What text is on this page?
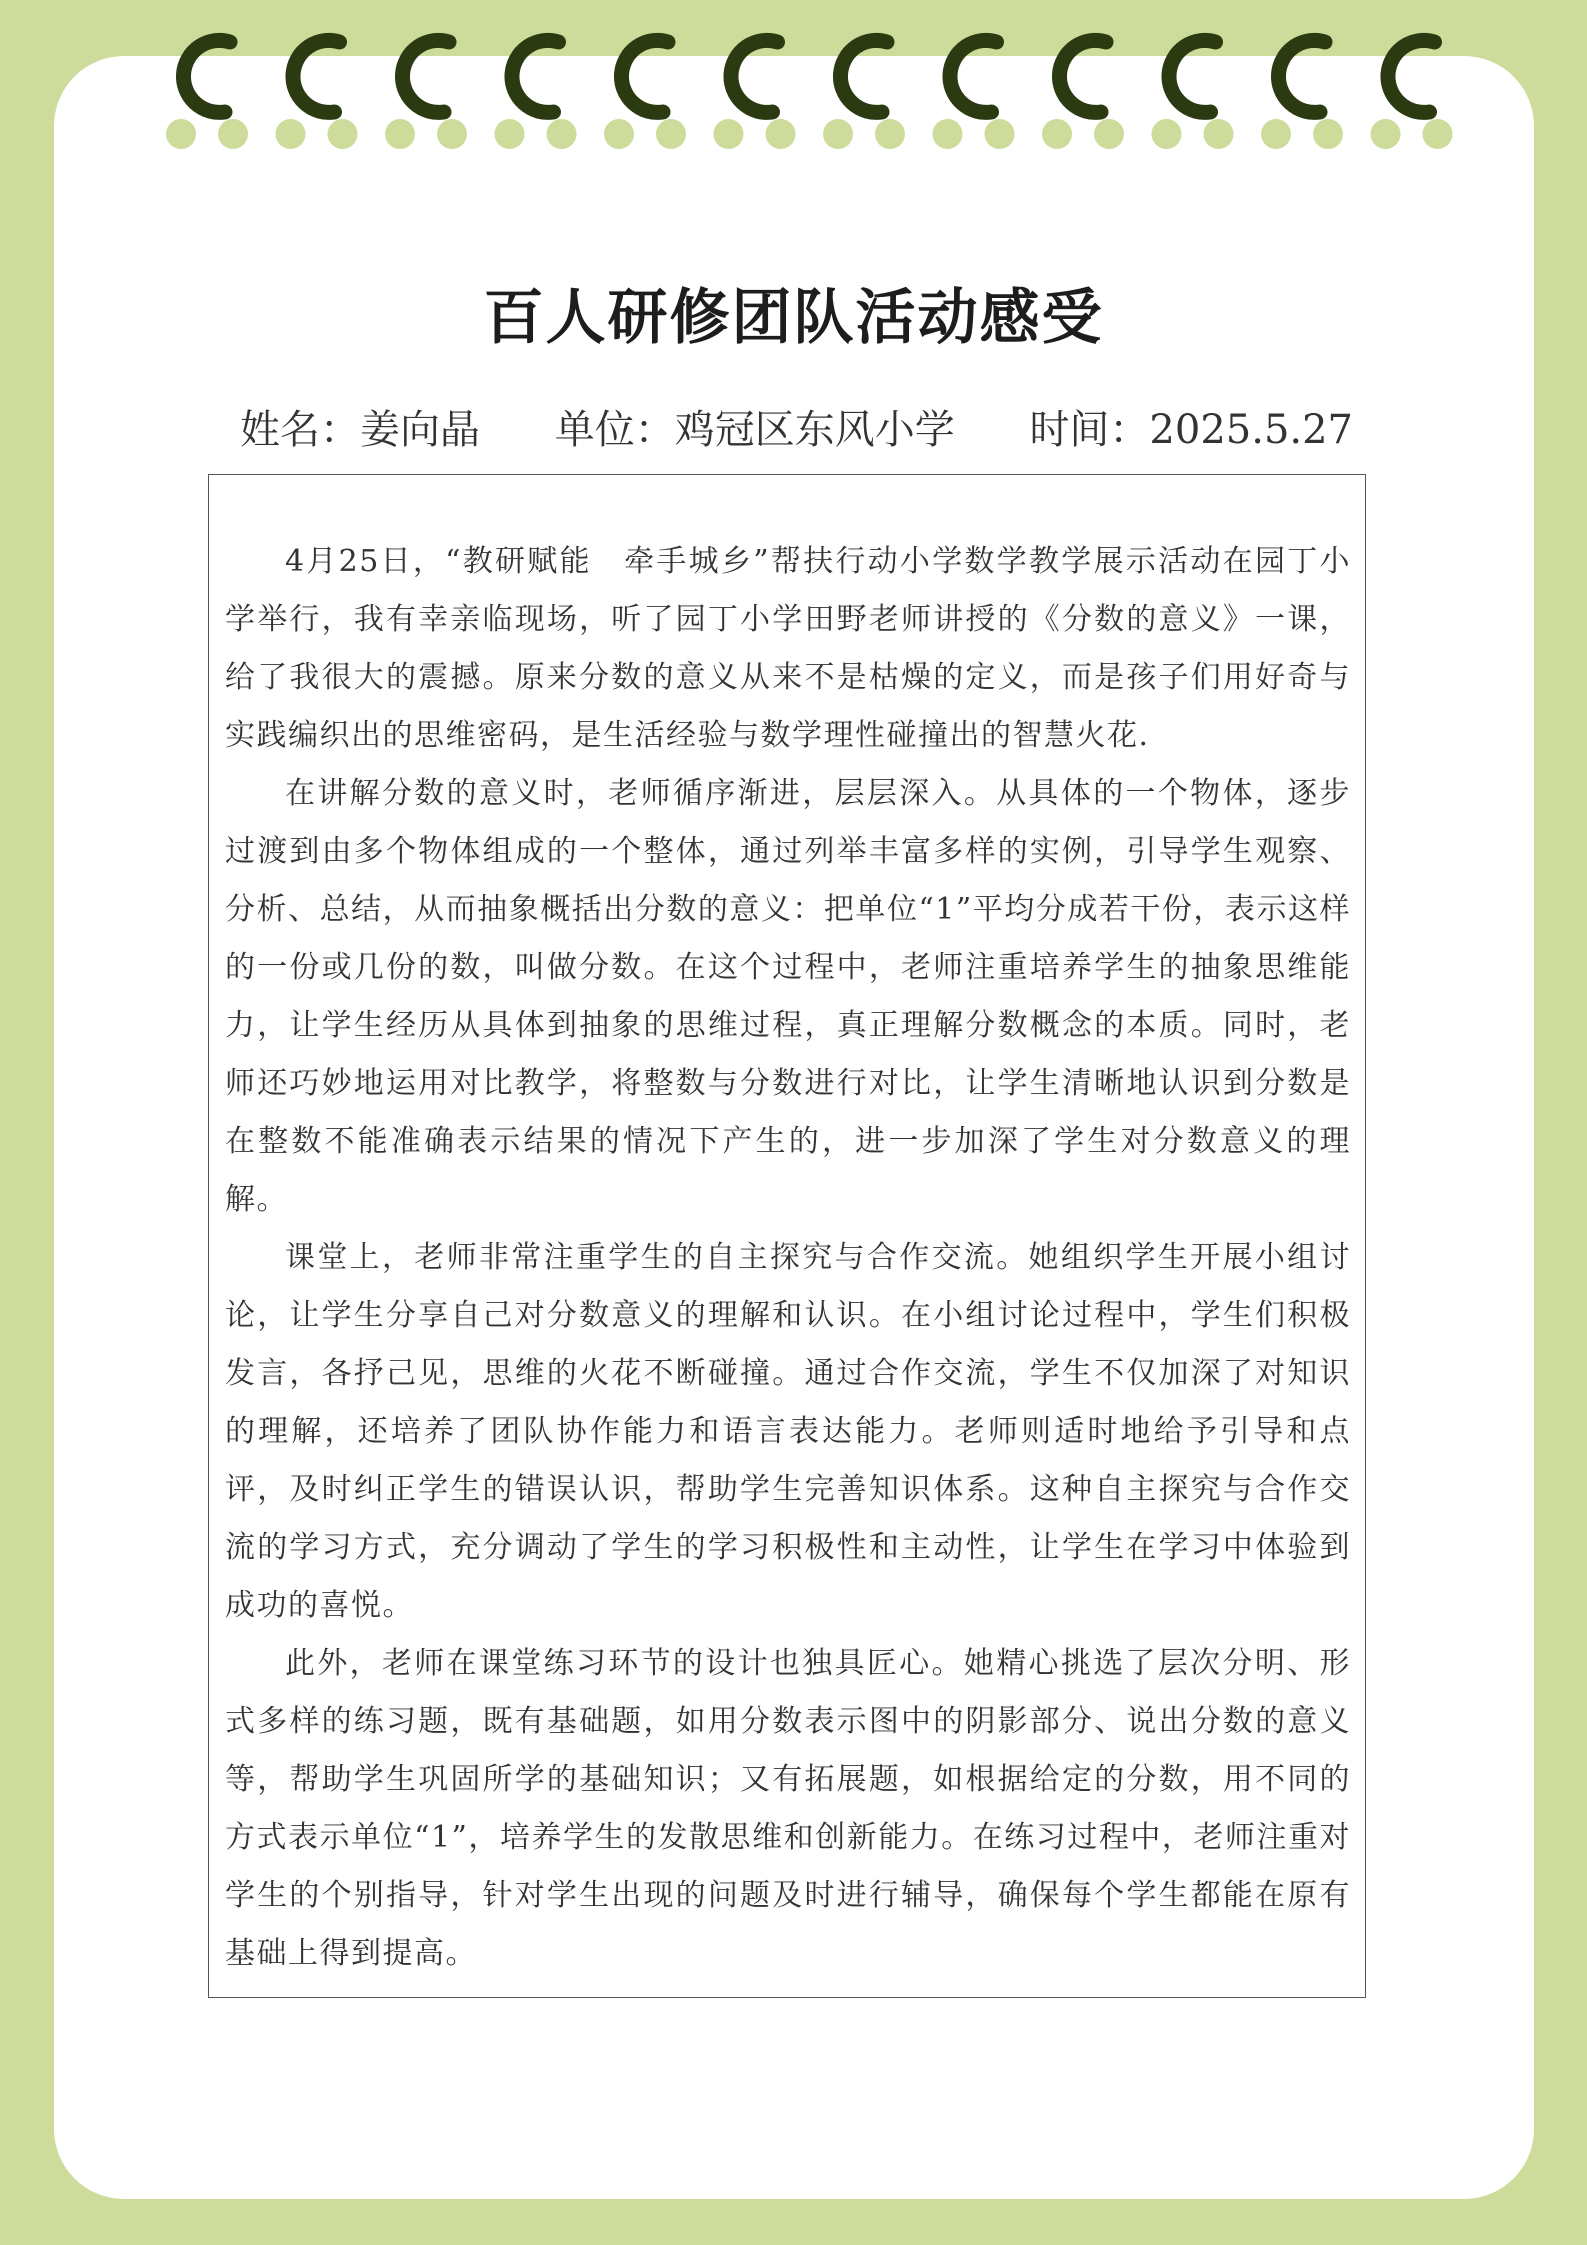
百人研修团队活动感受
姓名：姜向晶 单位：鸡冠区东风小学 时间：2025.5.27

4月25日，“教研赋能　牵手城乡”帮扶行动小学数学教学展示活动在园丁小学举行，我有幸亲临现场，听了园丁小学田野老师讲授的《分数的意义》一课，给了我很大的震撼。原来分数的意义从来不是枯燥的定义，而是孩子们用好奇与实践编织出的思维密码，是生活经验与数学理性碰撞出的智慧火花.

在讲解分数的意义时，老师循序渐进，层层深入。从具体的一个物体，逐步过渡到由多个物体组成的一个整体，通过列举丰富多样的实例，引导学生观察、分析、总结，从而抽象概括出分数的意义：把单位“1”平均分成若干份，表示这样的一份或几份的数，叫做分数。在这个过程中，老师注重培养学生的抽象思维能力，让学生经历从具体到抽象的思维过程，真正理解分数概念的本质。同时，老师还巧妙地运用对比教学，将整数与分数进行对比，让学生清晰地认识到分数是在整数不能准确表示结果的情况下产生的，进一步加深了学生对分数意义的理解。

课堂上，老师非常注重学生的自主探究与合作交流。她组织学生开展小组讨论，让学生分享自己对分数意义的理解和认识。在小组讨论过程中，学生们积极发言，各抒己见，思维的火花不断碰撞。通过合作交流，学生不仅加深了对知识的理解，还培养了团队协作能力和语言表达能力。老师则适时地给予引导和点评，及时纠正学生的错误认识，帮助学生完善知识体系。这种自主探究与合作交流的学习方式，充分调动了学生的学习积极性和主动性，让学生在学习中体验到成功的喜悦。

此外，老师在课堂练习环节的设计也独具匠心。她精心挑选了层次分明、形式多样的练习题，既有基础题，如用分数表示图中的阴影部分、说出分数的意义等，帮助学生巩固所学的基础知识；又有拓展题，如根据给定的分数，用不同的方式表示单位“1”，培养学生的发散思维和创新能力。在练习过程中，老师注重对学生的个别指导，针对学生出现的问题及时进行辅导，确保每个学生都能在原有基础上得到提高。
